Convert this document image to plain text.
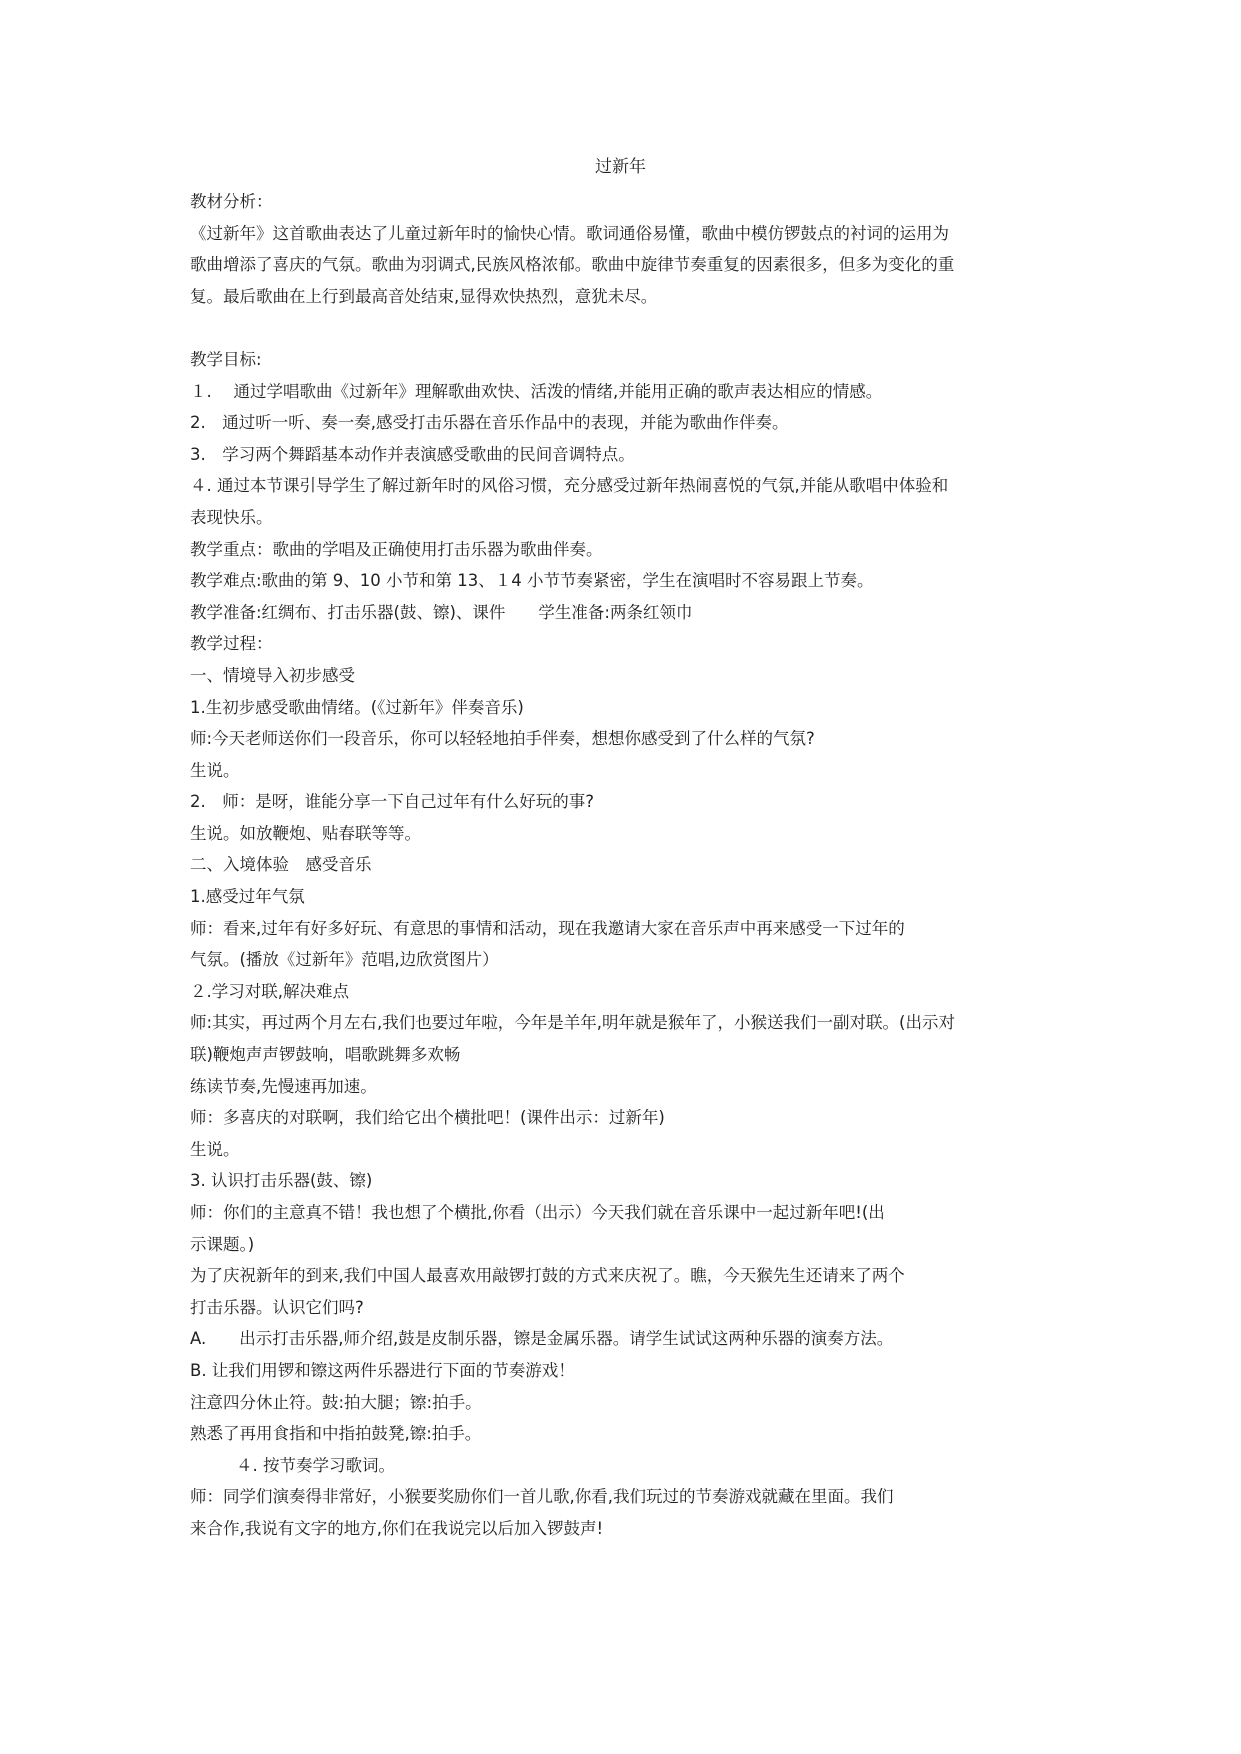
过新年

教材分析：

《过新年》这首歌曲表达了儿童过新年时的愉快心情。歌词通俗易懂，歌曲中模仿锣鼓点的衬词的运用为

歌曲增添了喜庆的气氛。歌曲为羽调式,民族风格浓郁。歌曲中旋律节奏重复的因素很多，但多为变化的重

复。最后歌曲在上行到最高音处结束,显得欢快热烈，意犹未尽。

教学目标:

１.　 通过学唱歌曲《过新年》理解歌曲欢快、活泼的情绪,并能用正确的歌声表达相应的情感。

2.　通过听一听、奏一奏,感受打击乐器在音乐作品中的表现，并能为歌曲作伴奏。

3.　学习两个舞蹈基本动作并表演感受歌曲的民间音调特点。

４. 通过本节课引导学生了解过新年时的风俗习惯，充分感受过新年热闹喜悦的气氛,并能从歌唱中体验和

表现快乐。

教学重点：歌曲的学唱及正确使用打击乐器为歌曲伴奏。

教学难点:歌曲的第 9、10 小节和第 13、１4 小节节奏紧密，学生在演唱时不容易跟上节奏。

教学准备:红绸布、打击乐器(鼓、镲)、课件　　学生准备:两条红领巾

教学过程：

一、情境导入初步感受

1.生初步感受歌曲情绪。(《过新年》伴奏音乐)

师:今天老师送你们一段音乐，你可以轻轻地拍手伴奏，想想你感受到了什么样的气氛?

生说。

2.　师：是呀，谁能分享一下自己过年有什么好玩的事?

生说。如放鞭炮、贴春联等等。

二、入境体验　感受音乐

1.感受过年气氛

师：看来,过年有好多好玩、有意思的事情和活动，现在我邀请大家在音乐声中再来感受一下过年的

气氛。(播放《过新年》范唱,边欣赏图片）

２.学习对联,解决难点

师:其实，再过两个月左右,我们也要过年啦，今年是羊年,明年就是猴年了，小猴送我们一副对联。(出示对

联)鞭炮声声锣鼓响，唱歌跳舞多欢畅

练读节奏,先慢速再加速。

师：多喜庆的对联啊，我们给它出个横批吧！(课件出示：过新年)

生说。

3. 认识打击乐器(鼓、镲)

师：你们的主意真不错！我也想了个横批,你看（出示）今天我们就在音乐课中一起过新年吧!(出

示课题。)

为了庆祝新年的到来,我们中国人最喜欢用敲锣打鼓的方式来庆祝了。瞧，今天猴先生还请来了两个

打击乐器。认识它们吗?

A.　　出示打击乐器,师介绍,鼓是皮制乐器，镲是金属乐器。请学生试试这两种乐器的演奏方法。

B. 让我们用锣和镲这两件乐器进行下面的节奏游戏！

注意四分休止符。鼓:拍大腿；镲:拍手。

熟悉了再用食指和中指拍鼓凳,镲:拍手。

４. 按节奏学习歌词。

师：同学们演奏得非常好，小猴要奖励你们一首儿歌,你看,我们玩过的节奏游戏就藏在里面。我们

来合作,我说有文字的地方,你们在我说完以后加入锣鼓声!
